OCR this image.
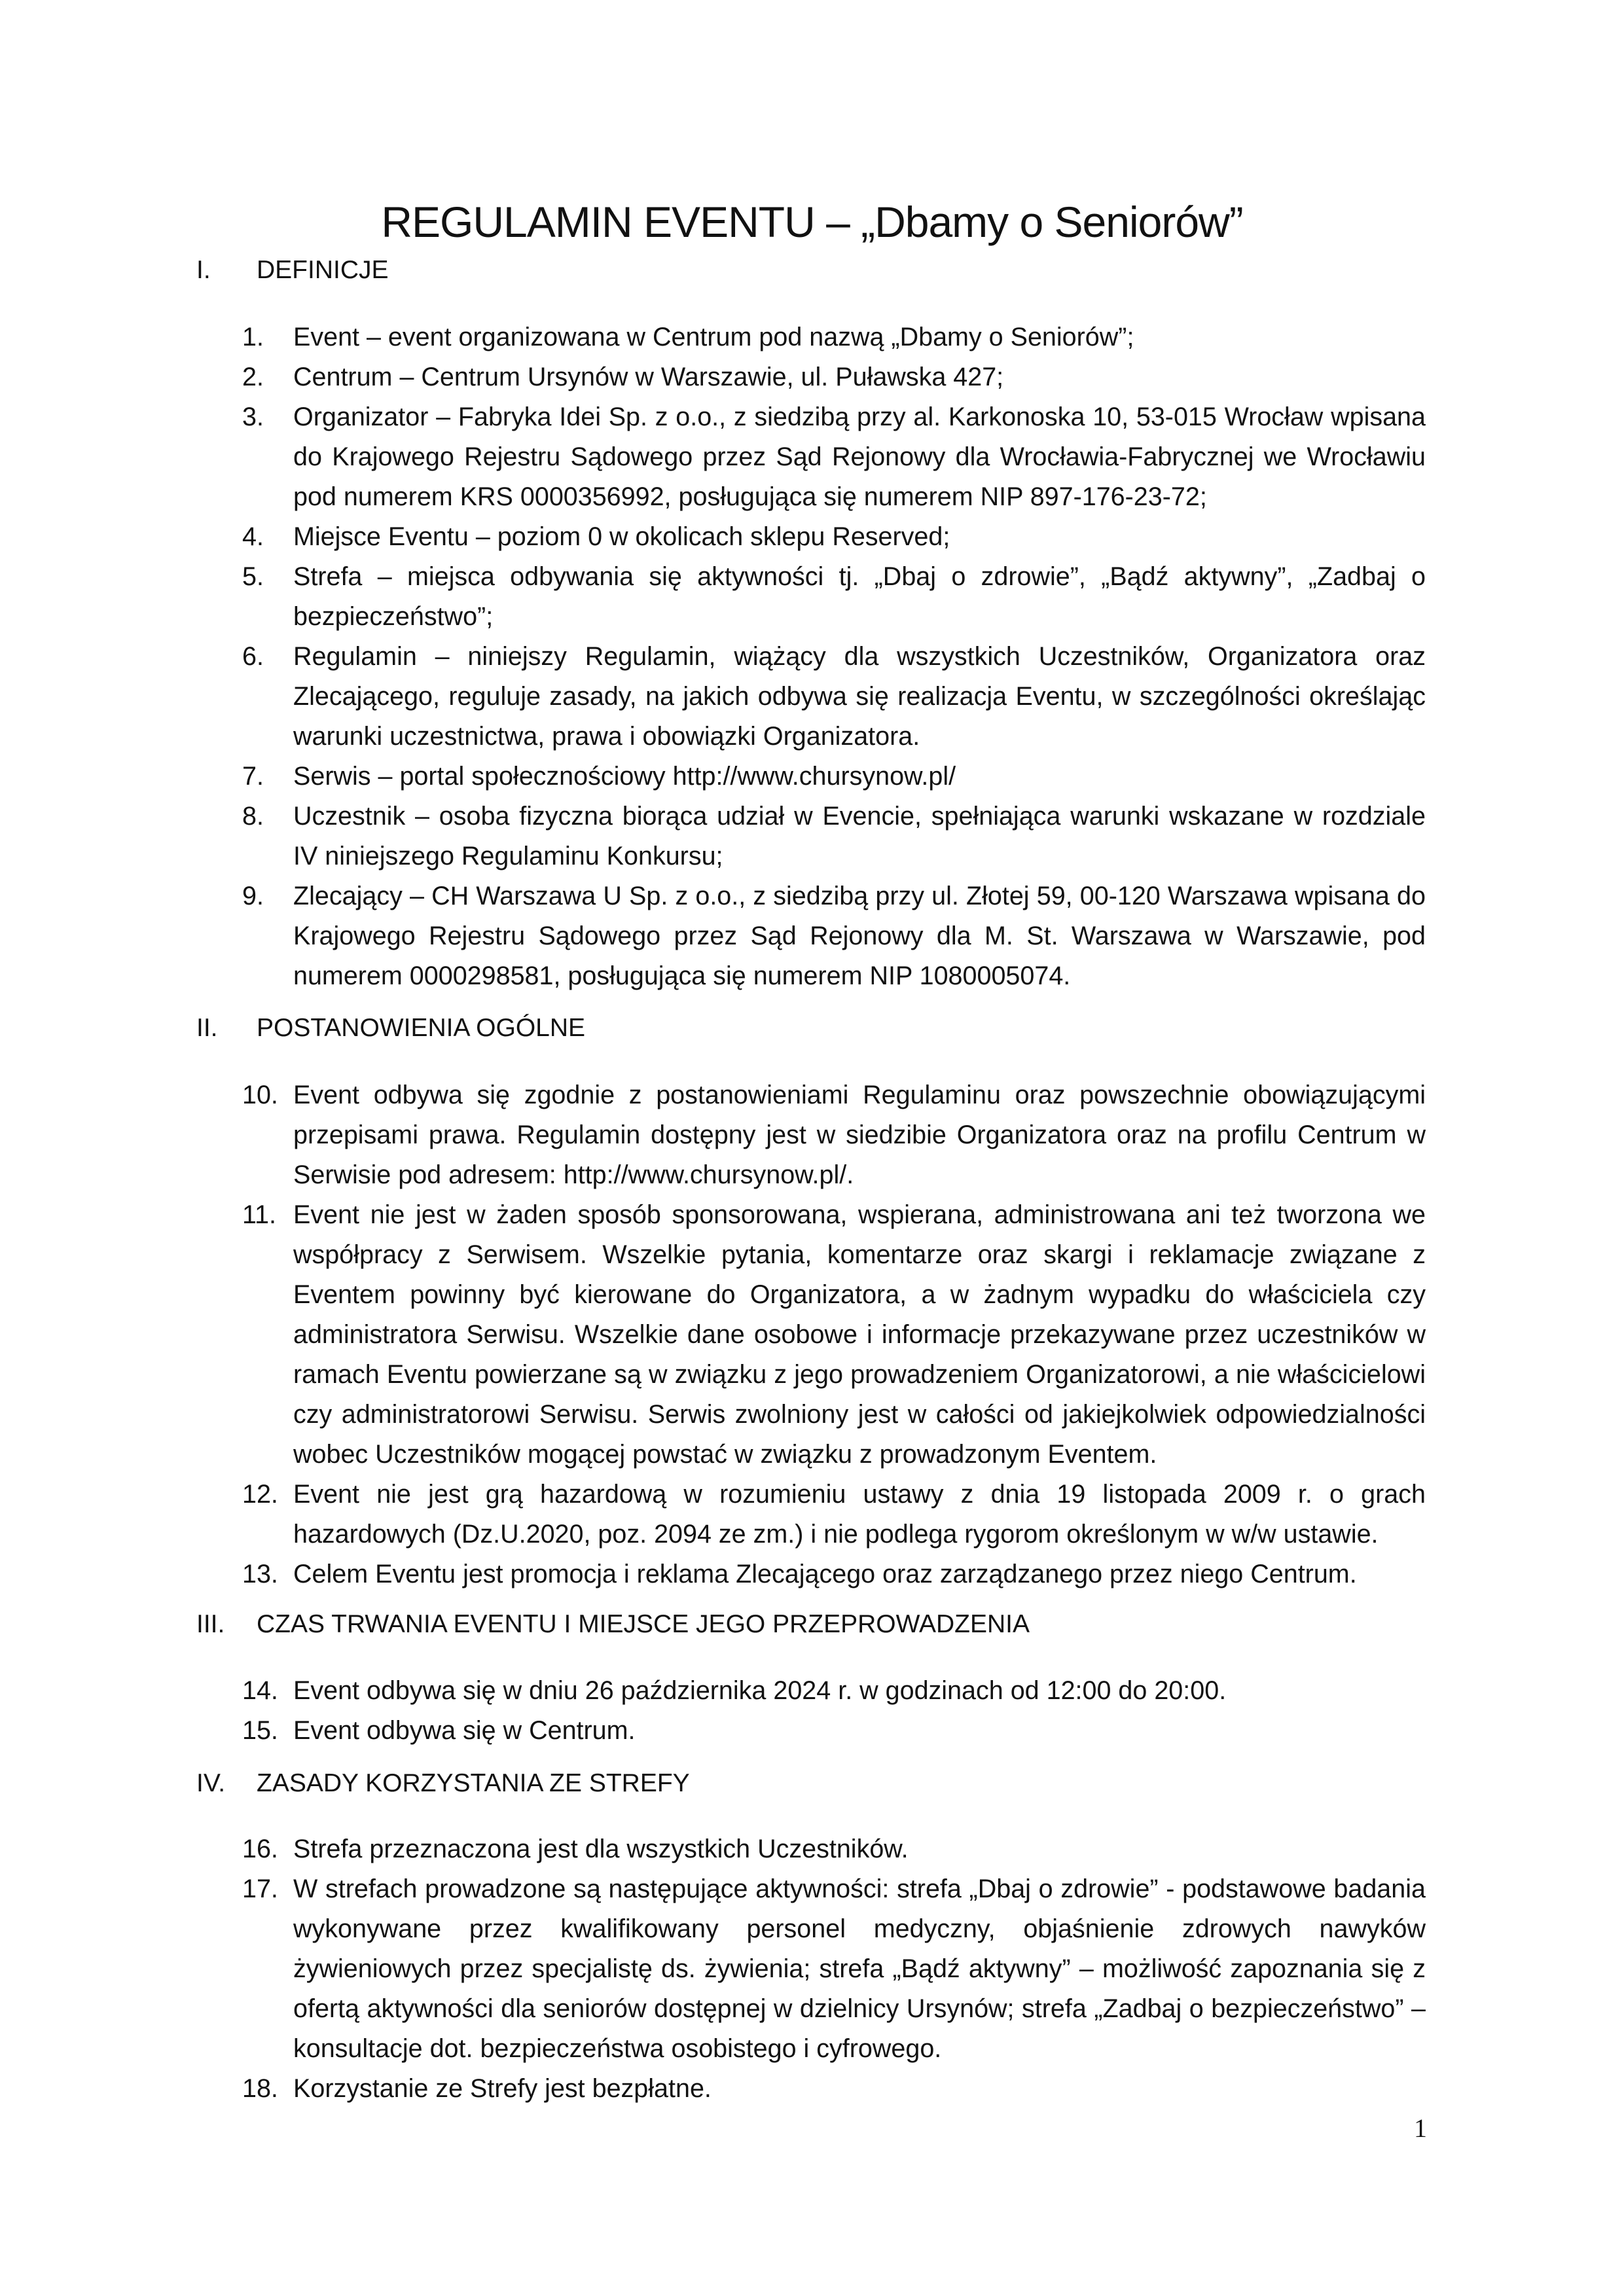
REGULAMIN EVENTU – „Dbamy o Seniorów”
I.	DEFINICJE
1. Event – event organizowana w Centrum pod nazwą „Dbamy o Seniorów”;
2. Centrum – Centrum Ursynów w Warszawie, ul. Puławska 427;
3. Organizator – Fabryka Idei Sp. z o.o., z siedzibą przy al. Karkonoska 10, 53-015 Wrocław wpisana do Krajowego Rejestru Sądowego przez Sąd Rejonowy dla Wrocławia-Fabrycznej we Wrocławiu pod numerem KRS 0000356992, posługująca się numerem NIP 897-176-23-72;
4. Miejsce Eventu – poziom 0 w okolicach sklepu Reserved;
5. Strefa – miejsca odbywania się aktywności tj. „Dbaj o zdrowie”, „Bądź aktywny”, „Zadbaj o bezpieczeństwo”;
6. Regulamin – niniejszy Regulamin, wiążący dla wszystkich Uczestników, Organizatora oraz Zlecającego, reguluje zasady, na jakich odbywa się realizacja Eventu, w szczególności określając warunki uczestnictwa, prawa i obowiązki Organizatora.
7. Serwis – portal społecznościowy http://www.chursynow.pl/
8. Uczestnik – osoba fizyczna biorąca udział w Evencie, spełniająca warunki wskazane w rozdziale IV niniejszego Regulaminu Konkursu;
9. Zlecający – CH Warszawa U Sp. z o.o., z siedzibą przy ul. Złotej 59, 00-120 Warszawa wpisana do Krajowego Rejestru Sądowego przez Sąd Rejonowy dla M. St. Warszawa w Warszawie, pod numerem 0000298581, posługująca się numerem NIP 1080005074.
II.	POSTANOWIENIA OGÓLNE
10. Event odbywa się zgodnie z postanowieniami Regulaminu oraz powszechnie obowiązującymi przepisami prawa. Regulamin dostępny jest w siedzibie Organizatora oraz na profilu Centrum w Serwisie pod adresem: http://www.chursynow.pl/.
11. Event nie jest w żaden sposób sponsorowana, wspierana, administrowana ani też tworzona we współpracy z Serwisem. Wszelkie pytania, komentarze oraz skargi i reklamacje związane z Eventem powinny być kierowane do Organizatora, a w żadnym wypadku do właściciela czy administratora Serwisu. Wszelkie dane osobowe i informacje przekazywane przez uczestników w ramach Eventu powierzane są w związku z jego prowadzeniem Organizatorowi, a nie właścicielowi czy administratorowi Serwisu. Serwis zwolniony jest w całości od jakiejkolwiek odpowiedzialności wobec Uczestników mogącej powstać w związku z prowadzonym Eventem.
12. Event nie jest grą hazardową w rozumieniu ustawy z dnia 19 listopada 2009 r. o grach hazardowych (Dz.U.2020, poz. 2094 ze zm.) i nie podlega rygorom określonym w w/w ustawie.
13. Celem Eventu jest promocja i reklama Zlecającego oraz zarządzanego przez niego Centrum.
III.	CZAS TRWANIA EVENTU I MIEJSCE JEGO PRZEPROWADZENIA
14. Event odbywa się w dniu 26 października 2024 r. w godzinach od 12:00 do 20:00.
15. Event odbywa się w Centrum.
IV.	ZASADY KORZYSTANIA ZE STREFY
16. Strefa przeznaczona jest dla wszystkich Uczestników.
17. W strefach prowadzone są następujące aktywności: strefa „Dbaj o zdrowie” - podstawowe badania wykonywane przez kwalifikowany personel medyczny, objaśnienie zdrowych nawyków żywieniowych przez specjalistę ds. żywienia; strefa „Bądź aktywny” – możliwość zapoznania się z ofertą aktywności dla seniorów dostępnej w dzielnicy Ursynów; strefa „Zadbaj o bezpieczeństwo” – konsultacje dot. bezpieczeństwa osobistego i cyfrowego.
18. Korzystanie ze Strefy jest bezpłatne.
1
